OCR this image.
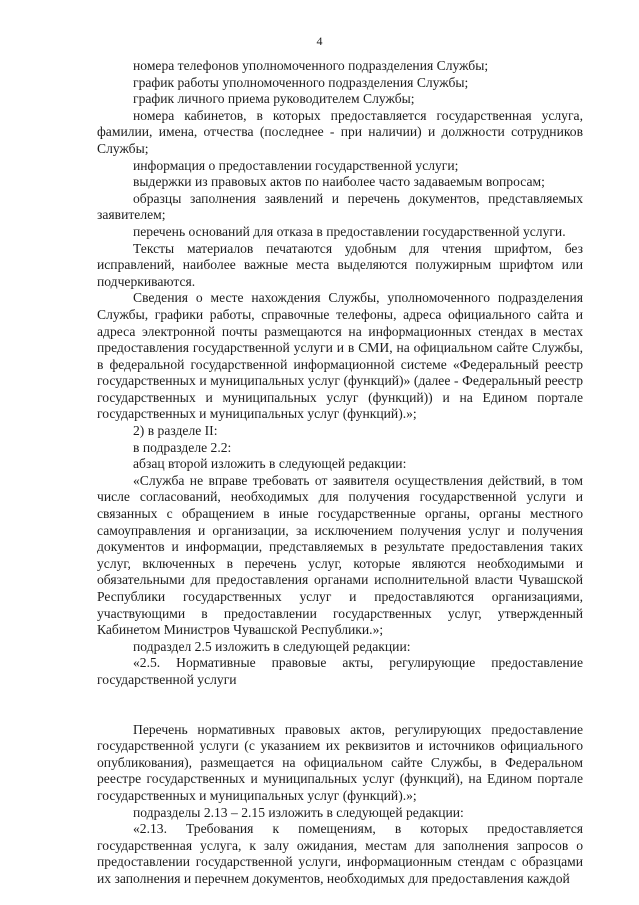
4

номера телефонов уполномоченного подразделения Службы;

график работы уполномоченного подразделения Службы;

график личного приема руководителем Службы;

номера кабинетов, в которых предоставляется государственная услуга, фамилии, имена, отчества (последнее - при наличии) и должности сотрудников Службы;

информация о предоставлении государственной услуги;

выдержки из правовых актов по наиболее часто задаваемым вопросам;

образцы заполнения заявлений и перечень документов, представляемых заявителем;

перечень оснований для отказа в предоставлении государственной услуги.

Тексты материалов печатаются удобным для чтения шрифтом, без исправлений, наиболее важные места выделяются полужирным шрифтом или подчеркиваются.

Сведения о месте нахождения Службы, уполномоченного подразделения Службы, графики работы, справочные телефоны, адреса официального сайта и адреса электронной почты размещаются на информационных стендах в местах предоставления государственной услуги и в СМИ, на официальном сайте Службы, в федеральной государственной информационной системе «Федеральный реестр государственных и муниципальных услуг (функций)» (далее - Федеральный реестр государственных и муниципальных услуг (функций)) и на Едином портале государственных и муниципальных услуг (функций).»;

2) в разделе II:

в подразделе 2.2:

абзац второй изложить в следующей редакции:

«Служба не вправе требовать от заявителя осуществления действий, в том числе согласований, необходимых для получения государственной услуги и связанных с обращением в иные государственные органы, органы местного самоуправления и организации, за исключением получения услуг и получения документов и информации, представляемых в результате предоставления таких услуг, включенных в перечень услуг, которые являются необходимыми и обязательными для предоставления органами исполнительной власти Чувашской Республики государственных услуг и предоставляются организациями, участвующими в предоставлении государственных услуг, утвержденный Кабинетом Министров Чувашской Республики.»;

подраздел 2.5 изложить в следующей редакции:

«2.5. Нормативные правовые акты, регулирующие предоставление государственной услуги

Перечень нормативных правовых актов, регулирующих предоставление государственной услуги (с указанием их реквизитов и источников официального опубликования), размещается на официальном сайте Службы, в Федеральном реестре государственных и муниципальных услуг (функций), на Едином портале государственных и муниципальных услуг (функций).»;

подразделы 2.13 – 2.15 изложить в следующей редакции:

«2.13. Требования к помещениям, в которых предоставляется государственная услуга, к залу ожидания, местам для заполнения запросов о предоставлении государственной услуги, информационным стендам с образцами их заполнения и перечнем документов, необходимых для предоставления каждой
